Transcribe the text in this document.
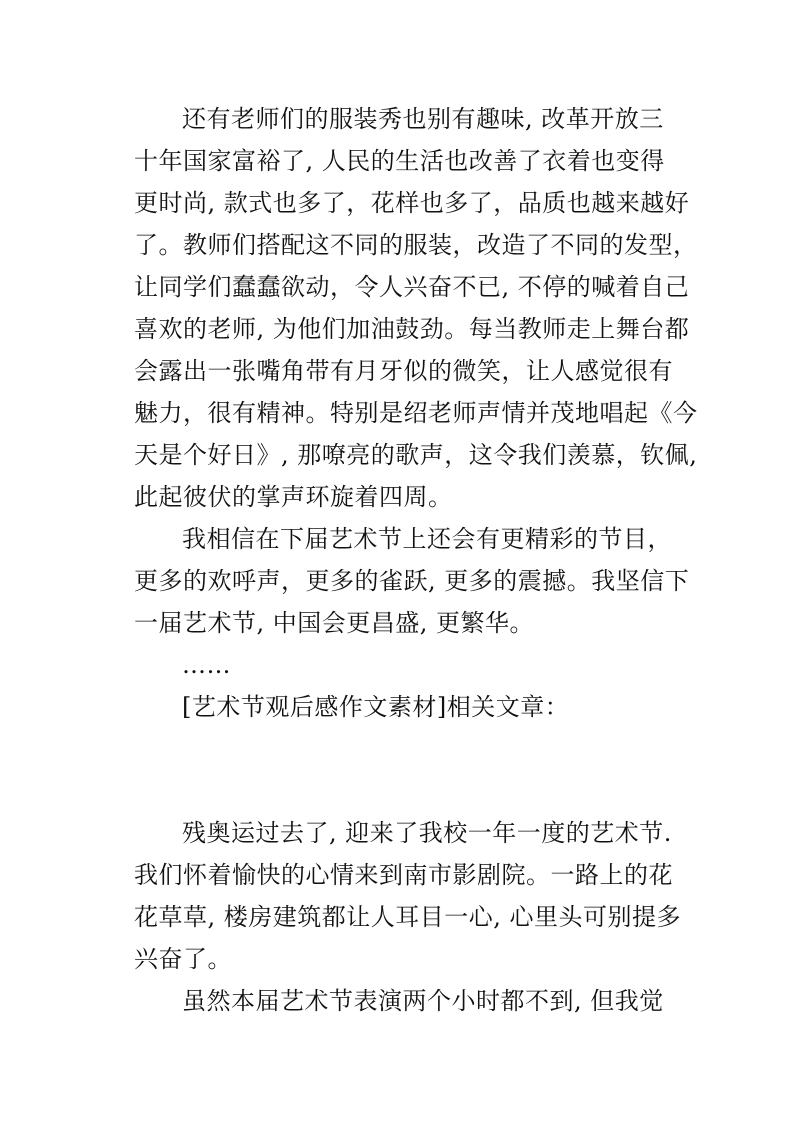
还有老师们的服装秀也别有趣味, 改革开放三
十年国家富裕了, 人民的生活也改善了衣着也变得
更时尚, 款式也多了，花样也多了，品质也越来越好
了。教师们搭配这不同的服装，改造了不同的发型，
让同学们蠢蠢欲动，令人兴奋不已, 不停的喊着自己
喜欢的老师, 为他们加油鼓劲。每当教师走上舞台都
会露出一张嘴角带有月牙似的微笑，让人感觉很有
魅力，很有精神。特别是绍老师声情并茂地唱起《今
天是个好日》, 那嘹亮的歌声，这令我们羡慕，钦佩,
此起彼伏的掌声环旋着四周。
我相信在下届艺术节上还会有更精彩的节目，
更多的欢呼声，更多的雀跃, 更多的震撼。我坚信下
一届艺术节, 中国会更昌盛, 更繁华。
……
[艺术节观后感作文素材]相关文章：
残奥运过去了, 迎来了我校一年一度的艺术节.
我们怀着愉快的心情来到南市影剧院。一路上的花
花草草, 楼房建筑都让人耳目一心, 心里头可别提多
兴奋了。
虽然本届艺术节表演两个小时都不到, 但我觉
